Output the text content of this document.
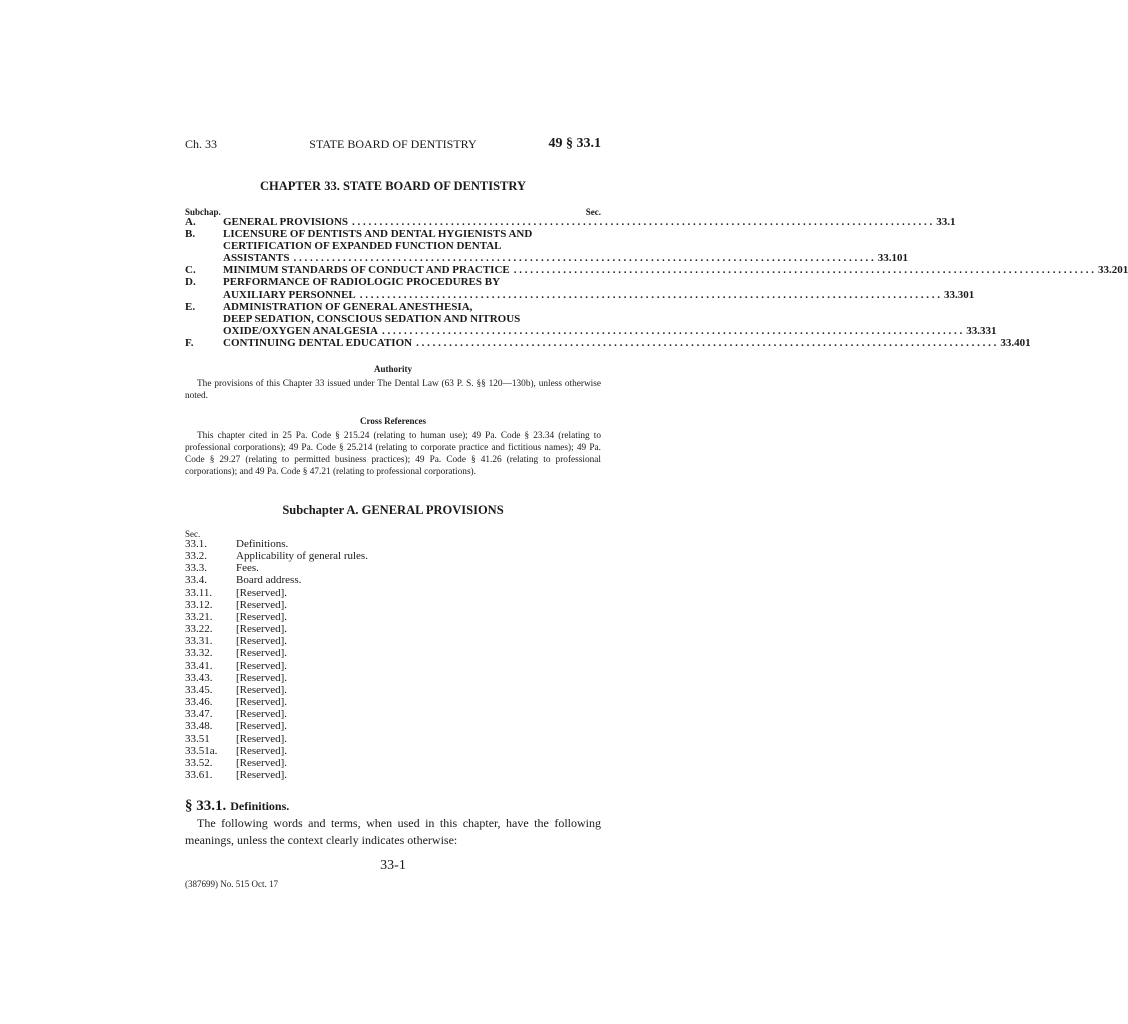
Ch. 33	STATE BOARD OF DENTISTRY	49 § 33.1
CHAPTER 33. STATE BOARD OF DENTISTRY
Subchap.	Sec.
A.	GENERAL PROVISIONS . . .	33.1
B.	LICENSURE OF DENTISTS AND DENTAL HYGIENISTS AND
CERTIFICATION OF EXPANDED FUNCTION DENTAL
ASSISTANTS . . .	33.101
C.	MINIMUM STANDARDS OF CONDUCT AND PRACTICE . . .	33.201
D.	PERFORMANCE OF RADIOLOGIC PROCEDURES BY
AUXILIARY PERSONNEL . . .	33.301
E.	ADMINISTRATION OF GENERAL ANESTHESIA,
DEEP SEDATION, CONSCIOUS SEDATION AND NITROUS
OXIDE/OXYGEN ANALGESIA . . .	33.331
F.	CONTINUING DENTAL EDUCATION . . .	33.401
Authority
The provisions of this Chapter 33 issued under The Dental Law (63 P. S. §§ 120—130b), unless otherwise noted.
Cross References
This chapter cited in 25 Pa. Code § 215.24 (relating to human use); 49 Pa. Code § 23.34 (relating to professional corporations); 49 Pa. Code § 25.214 (relating to corporate practice and fictitious names); 49 Pa. Code § 29.27 (relating to permitted business practices); 49 Pa. Code § 41.26 (relating to professional corporations); and 49 Pa. Code § 47.21 (relating to professional corporations).
Subchapter A. GENERAL PROVISIONS
Sec.
33.1.	Definitions.
33.2.	Applicability of general rules.
33.3.	Fees.
33.4.	Board address.
33.11.	[Reserved].
33.12.	[Reserved].
33.21.	[Reserved].
33.22.	[Reserved].
33.31.	[Reserved].
33.32.	[Reserved].
33.41.	[Reserved].
33.43.	[Reserved].
33.45.	[Reserved].
33.46.	[Reserved].
33.47.	[Reserved].
33.48.	[Reserved].
33.51	[Reserved].
33.51a.	[Reserved].
33.52.	[Reserved].
33.61.	[Reserved].
§ 33.1. Definitions.
The following words and terms, when used in this chapter, have the following meanings, unless the context clearly indicates otherwise:
33-1
(387699) No. 515 Oct. 17
